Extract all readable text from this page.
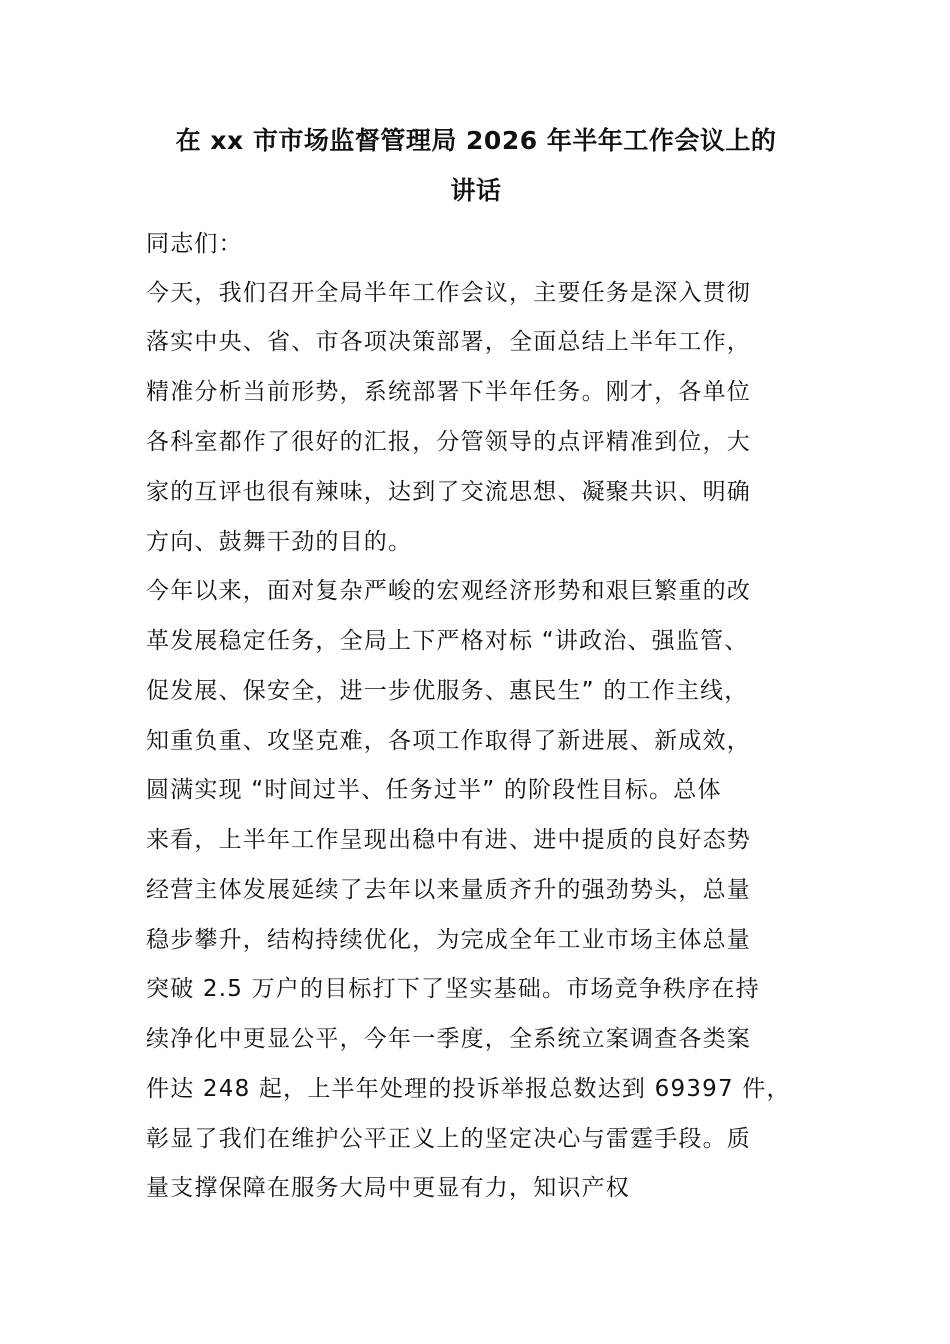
在 xx 市市场监督管理局 2026 年半年工作会议上的
讲话
同志们：
今天，我们召开全局半年工作会议，主要任务是深入贯彻
落实中央、省、市各项决策部署，全面总结上半年工作，
精准分析当前形势，系统部署下半年任务。刚才，各单位
各科室都作了很好的汇报，分管领导的点评精准到位，大
家的互评也很有辣味，达到了交流思想、凝聚共识、明确
方向、鼓舞干劲的目的。
今年以来，面对复杂严峻的宏观经济形势和艰巨繁重的改
革发展稳定任务，全局上下严格对标 “讲政治、强监管、
促发展、保安全，进一步优服务、惠民生” 的工作主线，
知重负重、攻坚克难，各项工作取得了新进展、新成效，
圆满实现 “时间过半、任务过半” 的阶段性目标。总体
来看，上半年工作呈现出稳中有进、进中提质的良好态势
经营主体发展延续了去年以来量质齐升的强劲势头，总量
稳步攀升，结构持续优化，为完成全年工业市场主体总量
突破 2.5 万户的目标打下了坚实基础。市场竞争秩序在持
续净化中更显公平，今年一季度，全系统立案调查各类案
件达 248 起，上半年处理的投诉举报总数达到 69397 件，
彰显了我们在维护公平正义上的坚定决心与雷霆手段。质
量支撑保障在服务大局中更显有力，知识产权
